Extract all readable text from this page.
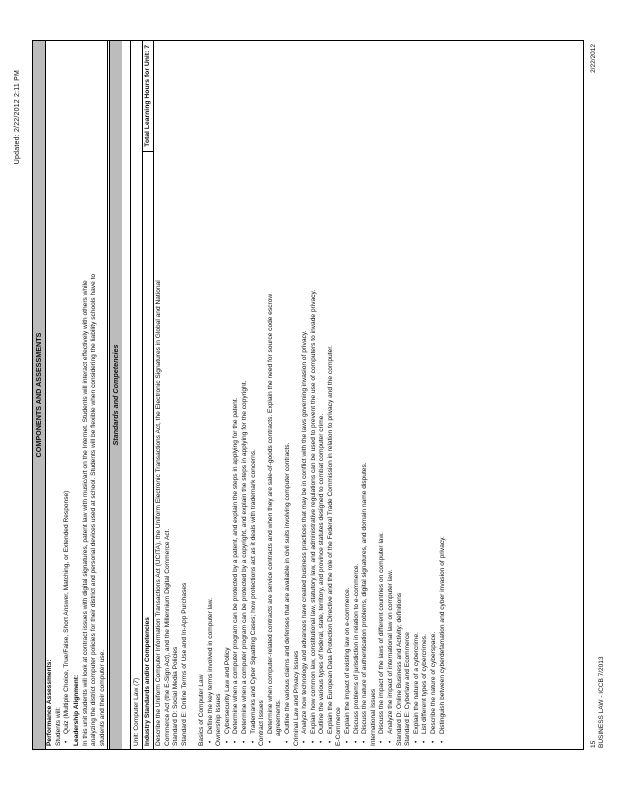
Updated: 2/22/2012 2:11 PM
COMPONENTS AND ASSESSMENTS
Performance Assessments: Students will: • Quiz (Multiple Choice, True/False, Short Answer, Matching, or Extended Response) Leadership Alignment: In this unit students will look at contract issues with digital signatures, patent law with music/art on the Internet. Students will interact effectively with others while analyzing the district computer policies for their district and personal devices used at school. Students will be flexible when considering the liability schools have to students and their computer use.
Standards and Competencies
Unit: Computer Law (7) Industry Standards and/or Competencies
Total Learning Hours for Unit: 7
Describe the Uniform Computer Information Transactions Act (UCITA), the Uniform Electronic Transactions Act, the Electronic Signatures in Global and National Commerce Act (the E-Sign Act), and the Millennium Digital Commerce Act. Standard D: Social Media Policies Standard E: Online Terms of Use and In-App Purchases
Basics of Computer Law • Define the key terms involved in computer law. Ownership Issues • Cybersecurity Law and Policy • Determine when a computer program can be protected by a patent, and explain the steps in applying for the patent. • Determine when a computer program can be protected by a copyright, and explain the steps in applying for the copyright. • Trademarks and Cyber Squatting Cases; how protections act as it deals with trademark concerns. Contract Issues • Determine when computer-related contracts are service contracts and when they are sale-of-goods contracts. Explain the need for source code escrow agreements. • Outline the various claims and defenses that are available in civil suits involving computer contracts. Criminal Law and Privacy Issues • Analyze how technology and advances have created business practices that may be in conflict with the laws governing invasion of privacy. • Explain how common law, constitutional law, statutory law, and administrative regulations can be used to prevent the use of computers to invade privacy. • Outline the various types of federal, state, territory, and province statutes designed to combat computer crime. • Explain the European Data Protection Directive and the role of the Federal Trade Commission in relation to privacy and the computer. E-Commerce • Explain the impact of existing law on e-commerce. • Discuss problems of jurisdiction in relation to e-commerce. • Discuss the nature of authentication problems, digital signatures, and domain name disputes. International Issues • Discuss the impact of the laws of different countries on computer law. • Analyze the impact of international law on computer law. Standard D: Online Business and Activity; definitions Standard E: Cyberlaw and Ecommerce • Explain the nature of a cybercrime. • List different types of cybercrimes. • Describe the nature of cyberspace. • Distinguish between cyberdefamation and cyber invasion of privacy.
15 BUSINESS LAW - ICCB 7/2013
2/22/2012
